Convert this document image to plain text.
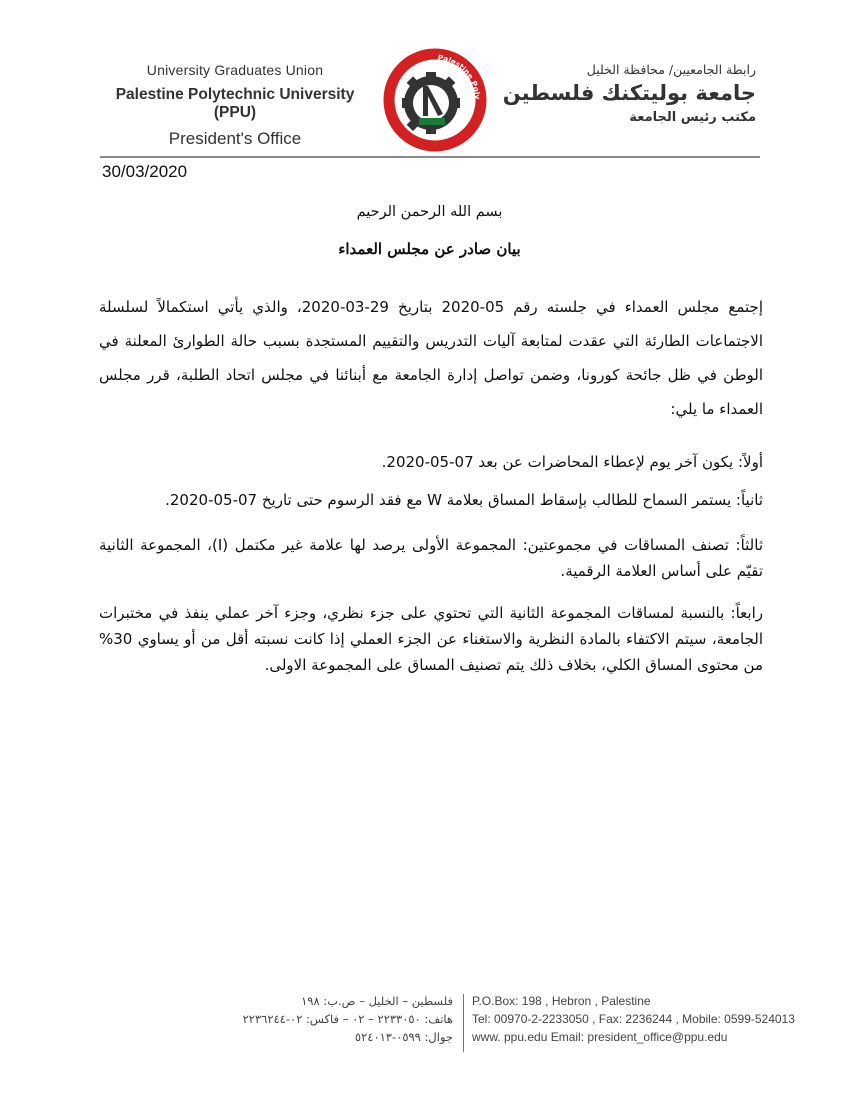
University Graduates Union
Palestine Polytechnic University (PPU)
President's Office
Palestine Poly
رابطة الجامعيين/ محافظة الخليل
جامعة بوليتكنك فلسطين
مكتب رئيس الجامعة
30/03/2020
بسم الله الرحمن الرحيم
بيان صادر عن مجلس العمداء
إجتمع مجلس العمداء في جلسته رقم 05-2020 بتاريخ 29-03-2020، والذي يأتي استكمالاً لسلسلة الاجتماعات الطارئة التي عقدت لمتابعة آليات التدريس والتقييم المستجدة بسبب حالة الطوارئ المعلنة في الوطن في ظل جائحة كورونا، وضمن تواصل إدارة الجامعة مع أبنائنا في مجلس اتحاد الطلبة، قرر مجلس العمداء ما يلي:
أولاً: يكون آخر يوم لإعطاء المحاضرات عن بعد 07-05-2020.
ثانياً: يستمر السماح للطالب بإسقاط المساق بعلامة W مع فقد الرسوم حتى تاريخ 07-05-2020.
ثالثاً: تصنف المساقات في مجموعتين: المجموعة الأولى يرصد لها علامة غير مكتمل (I)، المجموعة الثانية تقيّم على أساس العلامة الرقمية.
رابعاً: بالنسبة لمساقات المجموعة الثانية التي تحتوي على جزء نظري، وجزء آخر عملي ينفذ في مختبرات الجامعة، سيتم الاكتفاء بالمادة النظرية والاستغناء عن الجزء العملي إذا كانت نسبته أقل من أو يساوي 30% من محتوى المساق الكلي، بخلاف ذلك يتم تصنيف المساق على المجموعة الاولى.
فلسطين – الخليل – ص.ب: ١٩٨
هاتف: ٢٢٣٣٠٥٠ – ٠٢ – فاكس: ٠٢-٢٢٣٦٢٤٤
جوال: ٠٥٩٩-٥٢٤٠١٣
P.O.Box: 198 , Hebron , Palestine
Tel: 00970-2-2233050 , Fax: 2236244 , Mobile: 0599-524013
www. ppu.edu Email: president_office@ppu.edu
